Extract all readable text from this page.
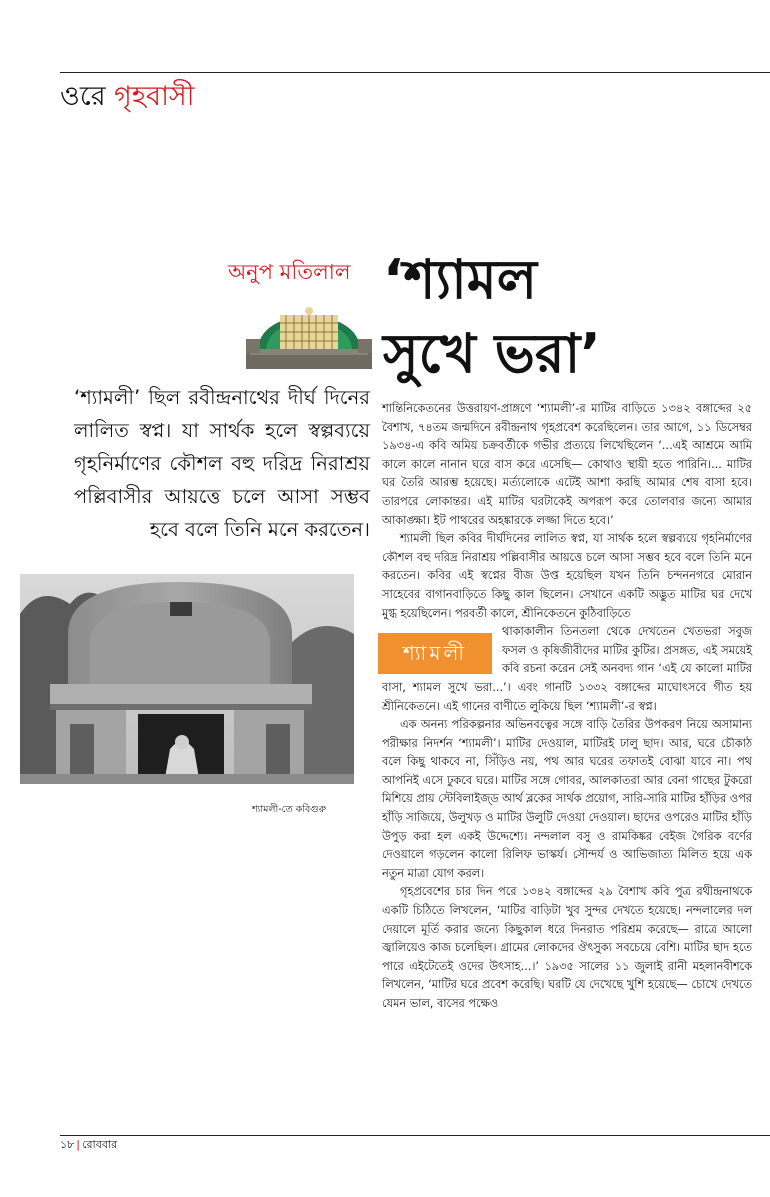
ওরে গৃহবাসী
অনুপ মতিলাল ‘শ্যামল
সুখে ভরা’
‘শ্যামলী’ ছিল রবীন্দ্রনাথের দীর্ঘ দিনের লালিত স্বপ্ন। যা সার্থক হলে স্বল্পব্যয়ে গৃহনির্মাণের কৌশল বহু দরিদ্র নিরাশ্রয় পল্লিবাসীর আয়ত্তে চলে আসা সম্ভব হবে বলে তিনি মনে করতেন।
শ্যামলী-তে কবিগুরু

শান্তিনিকেতনের উত্তরায়ণ-প্রাঙ্গণে ‘শ্যামলী’-র মাটির বাড়িতে ১৩৪২ বঙ্গাব্দের ২৫ বৈশাখ, ৭৪তম জন্মদিনে রবীন্দ্রনাথ গৃহপ্রবেশ করেছিলেন। তার আগে, ১১ ডিসেম্বর ১৯৩৪-এ কবি অমিয় চক্রবর্তীকে গভীর প্রত্যয়ে লিখেছিলেন ‘...এই আশ্রমে আমি কালে কালে নানান ঘরে বাস করে এসেছি— কোথাও স্থায়ী হতে পারিনি।... মাটির ঘর তৈরি আরম্ভ হয়েছে। মর্ত্যলোকে এটেই আশা করছি আমার শেষ বাসা হবে। তারপরে লোকান্তর। এই মাটির ঘরটাকেই অপরূপ করে তোলবার জন্যে আমার আকাঙ্ক্ষা। ইট পাথরের অহঙ্কারকে লজ্জা দিতে হবে।’

শ্যামলী ছিল কবির দীর্ঘদিনের লালিত স্বপ্ন, যা সার্থক হলে স্বল্পব্যয়ে গৃহনির্মাণের কৌশল বহু দরিদ্র নিরাশ্রয় পল্লিবাসীর আয়ত্তে চলে আসা সম্ভব হবে বলে তিনি মনে করতেন। কবির এই স্বপ্নের বীজ উপ্ত হয়েছিল যখন তিনি চন্দননগরে মোরান সাহেবের বাগানবাড়িতে কিছু কাল ছিলেন। সেখানে একটি অদ্ভুত মাটির ঘর দেখে মুগ্ধ হয়েছিলেন। পরবর্তী কালে, শ্রীনিকেতনে কুঠিবাড়িতে

শ্যামলী

থাকাকালীন তিনতলা থেকে দেখতেন খেতভরা সবুজ ফসল ও কৃষিজীবীদের মাটির কুটির। প্রসঙ্গত, এই সময়েই কবি রচনা করেন সেই অনবদ্য গান ‘এই যে কালো মাটির বাসা, শ্যামল সুখে ভরা...’। এবং গানটি ১৩৩২ বঙ্গাব্দের মাঘোৎসবে গীত হয় শ্রীনিকেতনে। এই গানের বাণীতে লুকিয়ে ছিল ‘শ্যামলী’-র স্বপ্ন।

এক অনন্য পরিকল্পনার অভিনবত্বের সঙ্গে বাড়ি তৈরির উপকরণ নিয়ে অসামান্য পরীক্ষার নিদর্শন ‘শ্যামলী’। মাটির দেওয়াল, মাটিরই ঢালু ছাদ। আর, ঘরে চৌকাঠ বলে কিছু থাকবে না, সিঁড়িও নয়, পথ আর ঘরের তফাতই বোঝা যাবে না। পথ আপনিই এসে ঢুকবে ঘরে। মাটির সঙ্গে গোবর, আলকাতরা আর বেনা গাছের টুকরো মিশিয়ে প্রায় স্টেবিলাইজ্ড আর্থ ব্লকের সার্থক প্রয়োগ, সারি-সারি মাটির হাঁড়ির ওপর হাঁড়ি সাজিয়ে, উলুখড় ও মাটির উলুটি দেওয়া দেওয়াল। ছাদের ওপরেও মাটির হাঁড়ি উপুড় করা হল একই উদ্দেশ্যে। নন্দলাল বসু ও রামকিঙ্কর বেইজ গৈরিক বর্ণের দেওয়ালে গড়লেন কালো রিলিফ ভাস্কর্য। সৌন্দর্য ও আভিজাত্য মিলিত হয়ে এক নতুন মাত্রা যোগ করল।

গৃহপ্রবেশের চার দিন পরে ১৩৪২ বঙ্গাব্দের ২৯ বৈশাখ কবি পুত্র রথীন্দ্রনাথকে একটি চিঠিতে লিখলেন, ‘মাটির বাড়িটা খুব সুন্দর দেখতে হয়েছে। নন্দলালের দল দেয়ালে মূর্তি করার জন্যে কিছুকাল ধরে দিনরাত পরিশ্রম করেছে— রাত্রে আলো জ্বালিয়েও কাজ চলেছিল। গ্রামের লোকদের ঔৎসুক্য সবচেয়ে বেশি। মাটির ছাদ হতে পারে এইটেতেই ওদের উৎসাহ...।’ ১৯৩৫ সালের ১১ জুলাই রানী মহলানবীশকে লিখলেন, ‘মাটির ঘরে প্রবেশ করেছি। ঘরটি যে দেখেছে খুশি হয়েছে— চোখে দেখতে যেমন ভাল, বাসের পক্ষেও

১৮ | রোববার
